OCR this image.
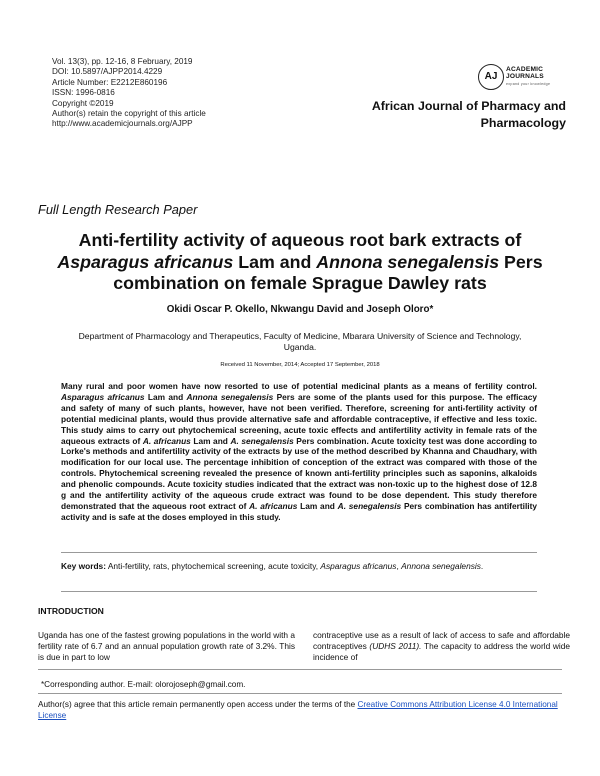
Vol. 13(3), pp. 12-16, 8 February, 2019
DOI: 10.5897/AJPP2014.4229
Article Number: E2212E860196
ISSN: 1996-0816
Copyright ©2019
Author(s) retain the copyright of this article
http://www.academicjournals.org/AJPP
AJ
ACADEMIC
JOURNALS
expand your knowledge
African Journal of Pharmacy and
Pharmacology
Full Length Research Paper
Anti-fertility activity of aqueous root bark extracts of Asparagus africanus Lam and Annona senegalensis Pers combination on female Sprague Dawley rats
Okidi Oscar P. Okello, Nkwangu David and Joseph Oloro*
Department of Pharmacology and Therapeutics, Faculty of Medicine, Mbarara University of Science and Technology, Uganda.
Received 11 November, 2014; Accepted 17 September, 2018
Many rural and poor women have now resorted to use of potential medicinal plants as a means of fertility control. Asparagus africanus Lam and Annona senegalensis Pers are some of the plants used for this purpose. The efficacy and safety of many of such plants, however, have not been verified. Therefore, screening for anti-fertility activity of potential medicinal plants, would thus provide alternative safe and affordable contraceptive, if effective and less toxic. This study aims to carry out phytochemical screening, acute toxic effects and antifertility activity in female rats of the aqueous extracts of A. africanus Lam and A. senegalensis Pers combination. Acute toxicity test was done according to Lorke's methods and antifertility activity of the extracts by use of the method described by Khanna and Chaudhary, with modification for our local use. The percentage inhibition of conception of the extract was compared with those of the controls. Phytochemical screening revealed the presence of known anti-fertility principles such as saponins, alkaloids and phenolic compounds. Acute toxicity studies indicated that the extract was non-toxic up to the highest dose of 12.8 g and the antifertility activity of the aqueous crude extract was found to be dose dependent. This study therefore demonstrated that the aqueous root extract of A. africanus Lam and A. senegalensis Pers combination has antifertility activity and is safe at the doses employed in this study.
Key words: Anti-fertility, rats, phytochemical screening, acute toxicity, Asparagus africanus, Annona senegalensis.
INTRODUCTION
Uganda has one of the fastest growing populations in the world with a fertility rate of 6.7 and an annual population growth rate of 3.2%. This is due in part to low
contraceptive use as a result of lack of access to safe and affordable contraceptives (UDHS 2011). The capacity to address the world wide incidence of
*Corresponding author. E-mail: olorojoseph@gmail.com.
Author(s) agree that this article remain permanently open access under the terms of the Creative Commons Attribution License 4.0 International License
